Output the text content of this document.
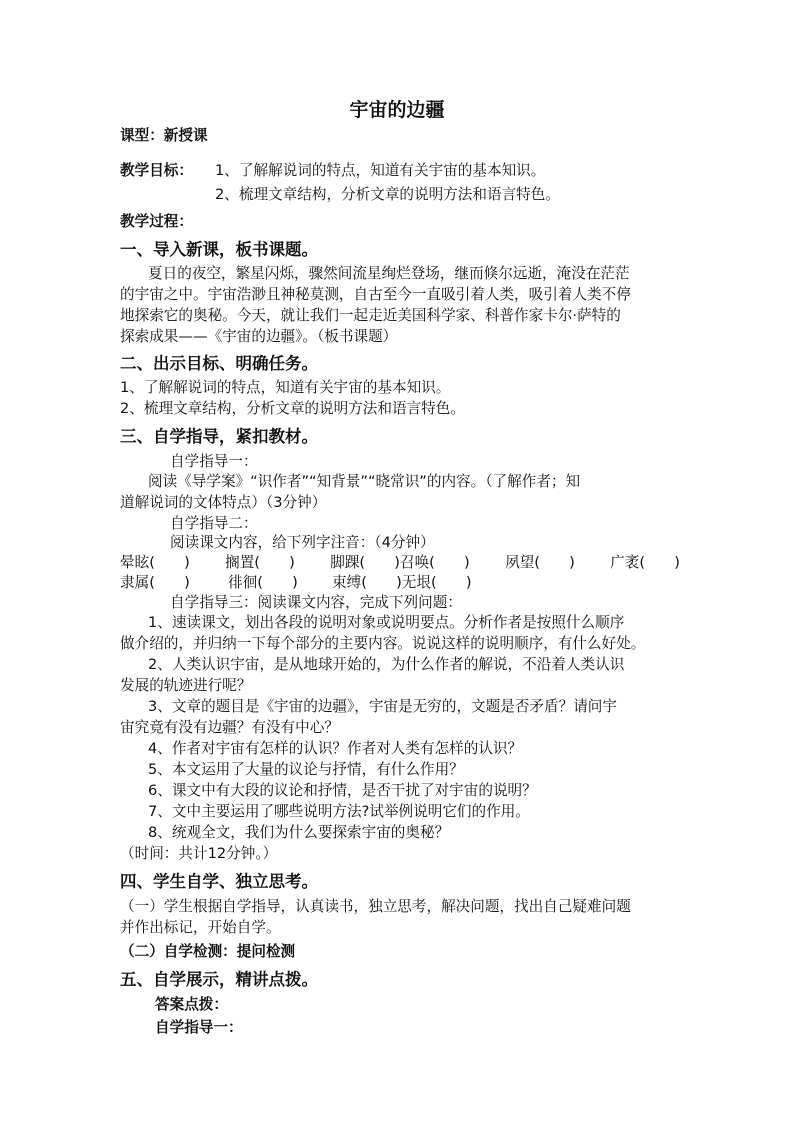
宇宙的边疆
课型：新授课
教学目标： 1、了解解说词的特点，知道有关宇宙的基本知识。
2、梳理文章结构，分析文章的说明方法和语言特色。
教学过程：
一、导入新课，板书课题。
夏日的夜空，繁星闪烁，骤然间流星绚烂登场，继而倏尔远逝，淹没在茫茫
的宇宙之中。宇宙浩渺且神秘莫测，自古至今一直吸引着人类，吸引着人类不停
地探索它的奥秘。今天，就让我们一起走近美国科学家、科普作家卡尔·萨特的
探索成果——《宇宙的边疆》。（板书课题）
二、出示目标、明确任务。
1、了解解说词的特点，知道有关宇宙的基本知识。
2、梳理文章结构，分析文章的说明方法和语言特色。
三、自学指导，紧扣教材。
自学指导一：
阅读《导学案》“识作者”“知背景”“晓常识”的内容。（了解作者；知
道解说词的文体特点）（3分钟）
自学指导二：
阅读课文内容，给下列字注音：（4分钟）
晕眩(　　) 搁置(　　) 脚踝(　　)召唤(　　) 夙望(　　) 广袤(　　)
隶属(　　)	徘徊(　　) 束缚(　　)无垠(　　)
自学指导三：阅读课文内容，完成下列问题：
1、速读课文，划出各段的说明对象或说明要点。分析作者是按照什么顺序
做介绍的，并归纳一下每个部分的主要内容。说说这样的说明顺序，有什么好处。
2、人类认识宇宙，是从地球开始的，为什么作者的解说，不沿着人类认识
发展的轨迹进行呢？
3、文章的题目是《宇宙的边疆》，宇宙是无穷的，文题是否矛盾？请问宇
宙究竟有没有边疆？有没有中心？
4、作者对宇宙有怎样的认识？作者对人类有怎样的认识？
5、本文运用了大量的议论与抒情，有什么作用？
6、课文中有大段的议论和抒情，是否干扰了对宇宙的说明？
7、文中主要运用了哪些说明方法?试举例说明它们的作用。
8、统观全文，我们为什么要探索宇宙的奥秘？
（时间：共计12分钟。）
四、学生自学、独立思考。
（一）学生根据自学指导，认真读书，独立思考，解决问题，找出自己疑难问题
并作出标记，开始自学。
（二）自学检测：提问检测
五、自学展示，精讲点拨。
答案点拨：
自学指导一：
